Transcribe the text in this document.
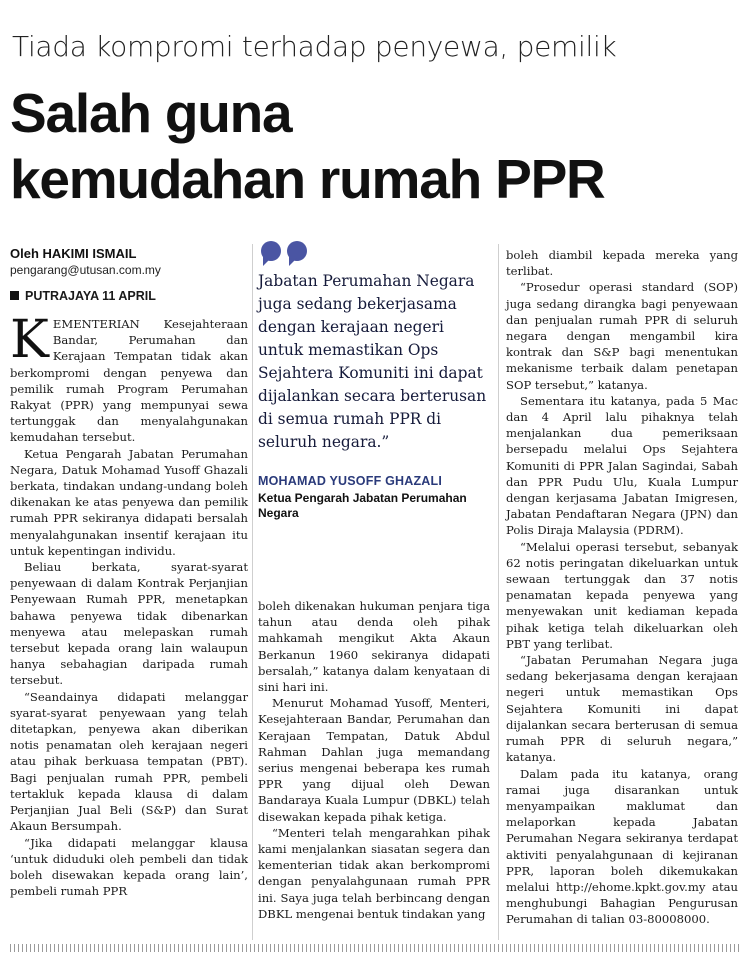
Tiada kompromi terhadap penyewa, pemilik
Salah guna
kemudahan rumah PPR
Oleh HAKIMI ISMAIL
pengarang@utusan.com.my
PUTRAJAYA 11 APRIL

KEMENTERIAN Kesejahteraan Bandar, Perumahan dan Kerajaan Tempatan tidak akan berkompromi dengan penyewa dan pemilik rumah Program Perumahan Rakyat (PPR) yang mempunyai sewa tertunggak dan menyalahgunakan kemudahan tersebut.

Ketua Pengarah Jabatan Perumahan Negara, Datuk Mohamad Yusoff Ghazali berkata, tindakan undang-undang boleh dikenakan ke atas penyewa dan pemilik rumah PPR sekiranya didapati bersalah menyalahgunakan insentif kerajaan itu untuk kepentingan individu.

Beliau berkata, syarat-syarat penyewaan di dalam Kontrak Perjanjian Penyewaan Rumah PPR, menetapkan bahawa penyewa tidak dibenarkan menyewa atau melepaskan rumah tersebut kepada orang lain walaupun hanya sebahagian daripada rumah tersebut.

“Seandainya didapati melanggar syarat-syarat penyewaan yang telah ditetapkan, penyewa akan diberikan notis penamatan oleh kerajaan negeri atau pihak berkuasa tempatan (PBT). Bagi penjualan rumah PPR, pembeli tertakluk kepada klausa di dalam Perjanjian Jual Beli (S&P) dan Surat Akaun Bersumpah.

“Jika didapati melanggar klausa ‘untuk diduduki oleh pembeli dan tidak boleh disewakan kepada orang lain’, pembeli rumah PPR

Jabatan Perumahan Negara juga sedang bekerjasama dengan kerajaan negeri untuk memastikan Ops Sejahtera Komuniti ini dapat dijalankan secara berterusan di semua rumah PPR di seluruh negara.”
MOHAMAD YUSOFF GHAZALI
Ketua Pengarah Jabatan Perumahan Negara

boleh dikenakan hukuman penjara tiga tahun atau denda oleh pihak mahkamah mengikut Akta Akaun Berkanun 1960 sekiranya didapati bersalah,” katanya dalam kenyataan di sini hari ini.

Menurut Mohamad Yusoff, Menteri, Kesejahteraan Bandar, Perumahan dan Kerajaan Tempatan, Datuk Abdul Rahman Dahlan juga memandang serius mengenai beberapa kes rumah PPR yang dijual oleh Dewan Bandaraya Kuala Lumpur (DBKL) telah disewakan kepada pihak ketiga.

“Menteri telah mengarahkan pihak kami menjalankan siasatan segera dan kementerian tidak akan berkompromi dengan penyalahgunaan rumah PPR ini. Saya juga telah berbincang dengan DBKL mengenai bentuk tindakan yang

boleh diambil kepada mereka yang terlibat.

“Prosedur operasi standard (SOP) juga sedang dirangka bagi penyewaan dan penjualan rumah PPR di seluruh negara dengan mengambil kira kontrak dan S&P bagi menentukan mekanisme terbaik dalam penetapan SOP tersebut,” katanya.

Sementara itu katanya, pada 5 Mac dan 4 April lalu pihaknya telah menjalankan dua pemeriksaan bersepadu melalui Ops Sejahtera Komuniti di PPR Jalan Sagindai, Sabah dan PPR Pudu Ulu, Kuala Lumpur dengan kerjasama Jabatan Imigresen, Jabatan Pendaftaran Negara (JPN) dan Polis Diraja Malaysia (PDRM).

“Melalui operasi tersebut, sebanyak 62 notis peringatan dikeluarkan untuk sewaan tertunggak dan 37 notis penamatan kepada penyewa yang menyewakan unit kediaman kepada pihak ketiga telah dikeluarkan oleh PBT yang terlibat.

“Jabatan Perumahan Negara juga sedang bekerjasama dengan kerajaan negeri untuk memastikan Ops Sejahtera Komuniti ini dapat dijalankan secara berterusan di semua rumah PPR di seluruh negara,” katanya.

Dalam pada itu katanya, orang ramai juga disarankan untuk menyampaikan maklumat dan melaporkan kepada Jabatan Perumahan Negara sekiranya terdapat aktiviti penyalahgunaan di kejiranan PPR, laporan boleh dikemukakan melalui http://ehome.kpkt.gov.my atau menghubungi Bahagian Pengurusan Perumahan di talian 03-80008000.
